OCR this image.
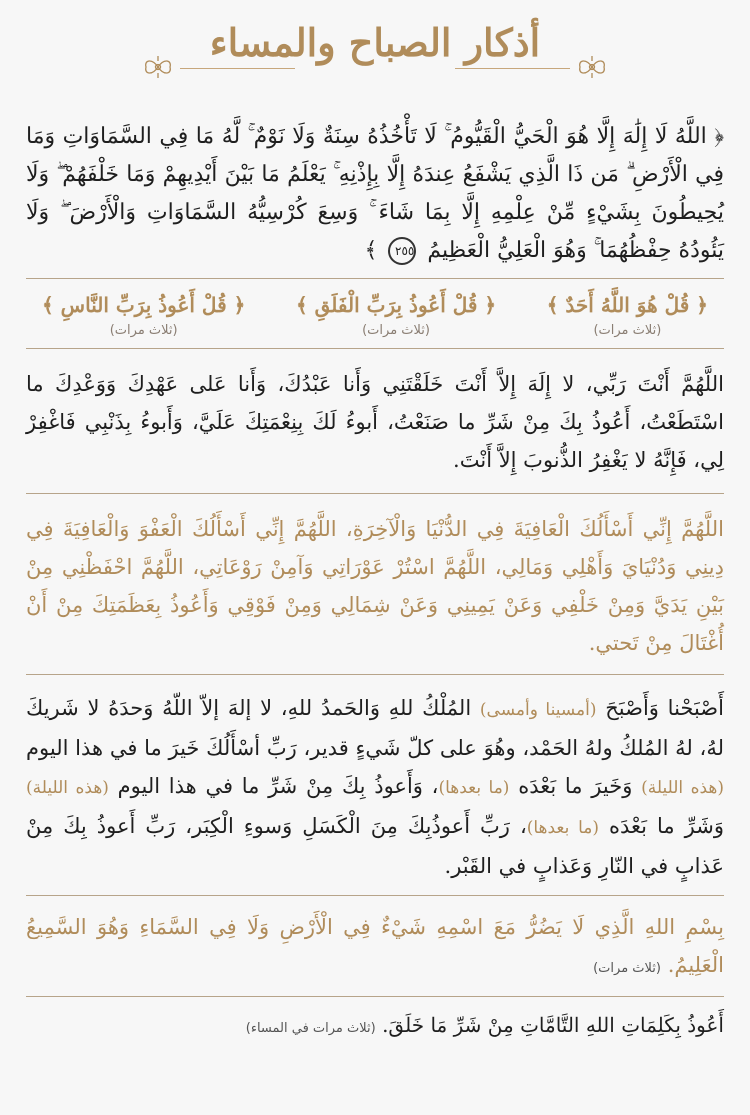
أذكار الصباح والمساء
﴿ اللَّهُ لَا إِلَٰهَ إِلَّا هُوَ الْحَيُّ الْقَيُّومُ ۚ لَا تَأْخُذُهُ سِنَةٌ وَلَا نَوْمٌ ۚ لَّهُ مَا فِي السَّمَاوَاتِ وَمَا فِي الْأَرْضِ ۗ مَن ذَا الَّذِي يَشْفَعُ عِندَهُ إِلَّا بِإِذْنِهِ ۚ يَعْلَمُ مَا بَيْنَ أَيْدِيهِمْ وَمَا خَلْفَهُمْ ۖ وَلَا يُحِيطُونَ بِشَيْءٍ مِّنْ عِلْمِهِ إِلَّا بِمَا شَاءَ ۚ وَسِعَ كُرْسِيُّهُ السَّمَاوَاتِ وَالْأَرْضَ ۖ وَلَا يَئُودُهُ حِفْظُهُمَا ۚ وَهُوَ الْعَلِيُّ الْعَظِيمُ ٢٥٥ ﴾
﴿ قُلْ هُوَ اللَّهُ أَحَدٌ ﴾
(ثلاث مرات)
﴿ قُلْ أَعُوذُ بِرَبِّ الْفَلَقِ ﴾
(ثلاث مرات)
﴿ قُلْ أَعُوذُ بِرَبِّ النَّاسِ ﴾
(ثلاث مرات)
اللَّهُمَّ أَنْتَ رَبِّي، لا إِلَهَ إِلاَّ أَنْتَ خَلَقْتَنِي وَأَنا عَبْدُكَ، وَأَنا عَلى عَهْدِكَ وَوَعْدِكَ ما اسْتَطَعْتُ، أَعُوذُ بِكَ مِنْ شَرِّ ما صَنَعْتُ، أَبوءُ لَكَ بِنِعْمَتِكَ عَلَيَّ، وَأَبوءُ بِذَنْبِي فَاغْفِرْ لِي، فَإِنَّهُ لا يَغْفِرُ الذُّنوبَ إِلاَّ أَنْتَ.
اللَّهُمَّ إِنِّي أَسْأَلُكَ الْعَافِيَةَ فِي الدُّنْيَا وَالْآخِرَةِ، اللَّهُمَّ إِنِّي أَسْأَلُكَ الْعَفْوَ وَالْعَافِيَةَ فِي دِينِي وَدُنْيَايَ وَأَهْلِي وَمَالِي، اللَّهُمَّ اسْتُرْ عَوْرَاتِي وَآمِنْ رَوْعَاتِي، اللَّهُمَّ احْفَظْنِي مِنْ بَيْنِ يَدَيَّ وَمِنْ خَلْفِي وَعَنْ يَمِينِي وَعَنْ شِمَالِي وَمِنْ فَوْقِي وَأَعُوذُ بِعَظَمَتِكَ مِنْ أَنْ أُغْتَالَ مِنْ تَحتي.
أَصْبَحْنا وَأَصْبَحَ (أمسينا وأمسى) المُلْكُ للهِ وَالحَمدُ للهِ، لا إلهَ إلاّ اللّهُ وَحدَهُ لا شَريكَ لهُ، لهُ المُلكُ ولهُ الحَمْد، وهُوَ على كلّ شَيءٍ قدير، رَبِّ أسْأَلُكَ خَيرَ ما في هذا اليوم (هذه الليلة) وَخَيرَ ما بَعْدَه (ما بعدها)، وَأَعوذُ بِكَ مِنْ شَرِّ ما في هذا اليوم (هذه الليلة) وَشَرِّ ما بَعْدَه (ما بعدها)، رَبِّ أَعوذُبِكَ مِنَ الْكَسَلِ وَسوءِ الْكِبَر، رَبِّ أَعوذُ بِكَ مِنْ عَذابٍ في النّارِ وَعَذابٍ في القَبْر.
بِسْمِ اللهِ الَّذِي لَا يَضُرُّ مَعَ اسْمِهِ شَيْءٌ فِي الْأَرْضِ وَلَا فِي السَّمَاءِ وَهُوَ السَّمِيعُ الْعَلِيمُ. (ثلاث مرات)
أَعُوذُ بِكَلِمَاتِ اللهِ التَّامَّاتِ مِنْ شَرِّ مَا خَلَقَ. (ثلاث مرات في المساء)
